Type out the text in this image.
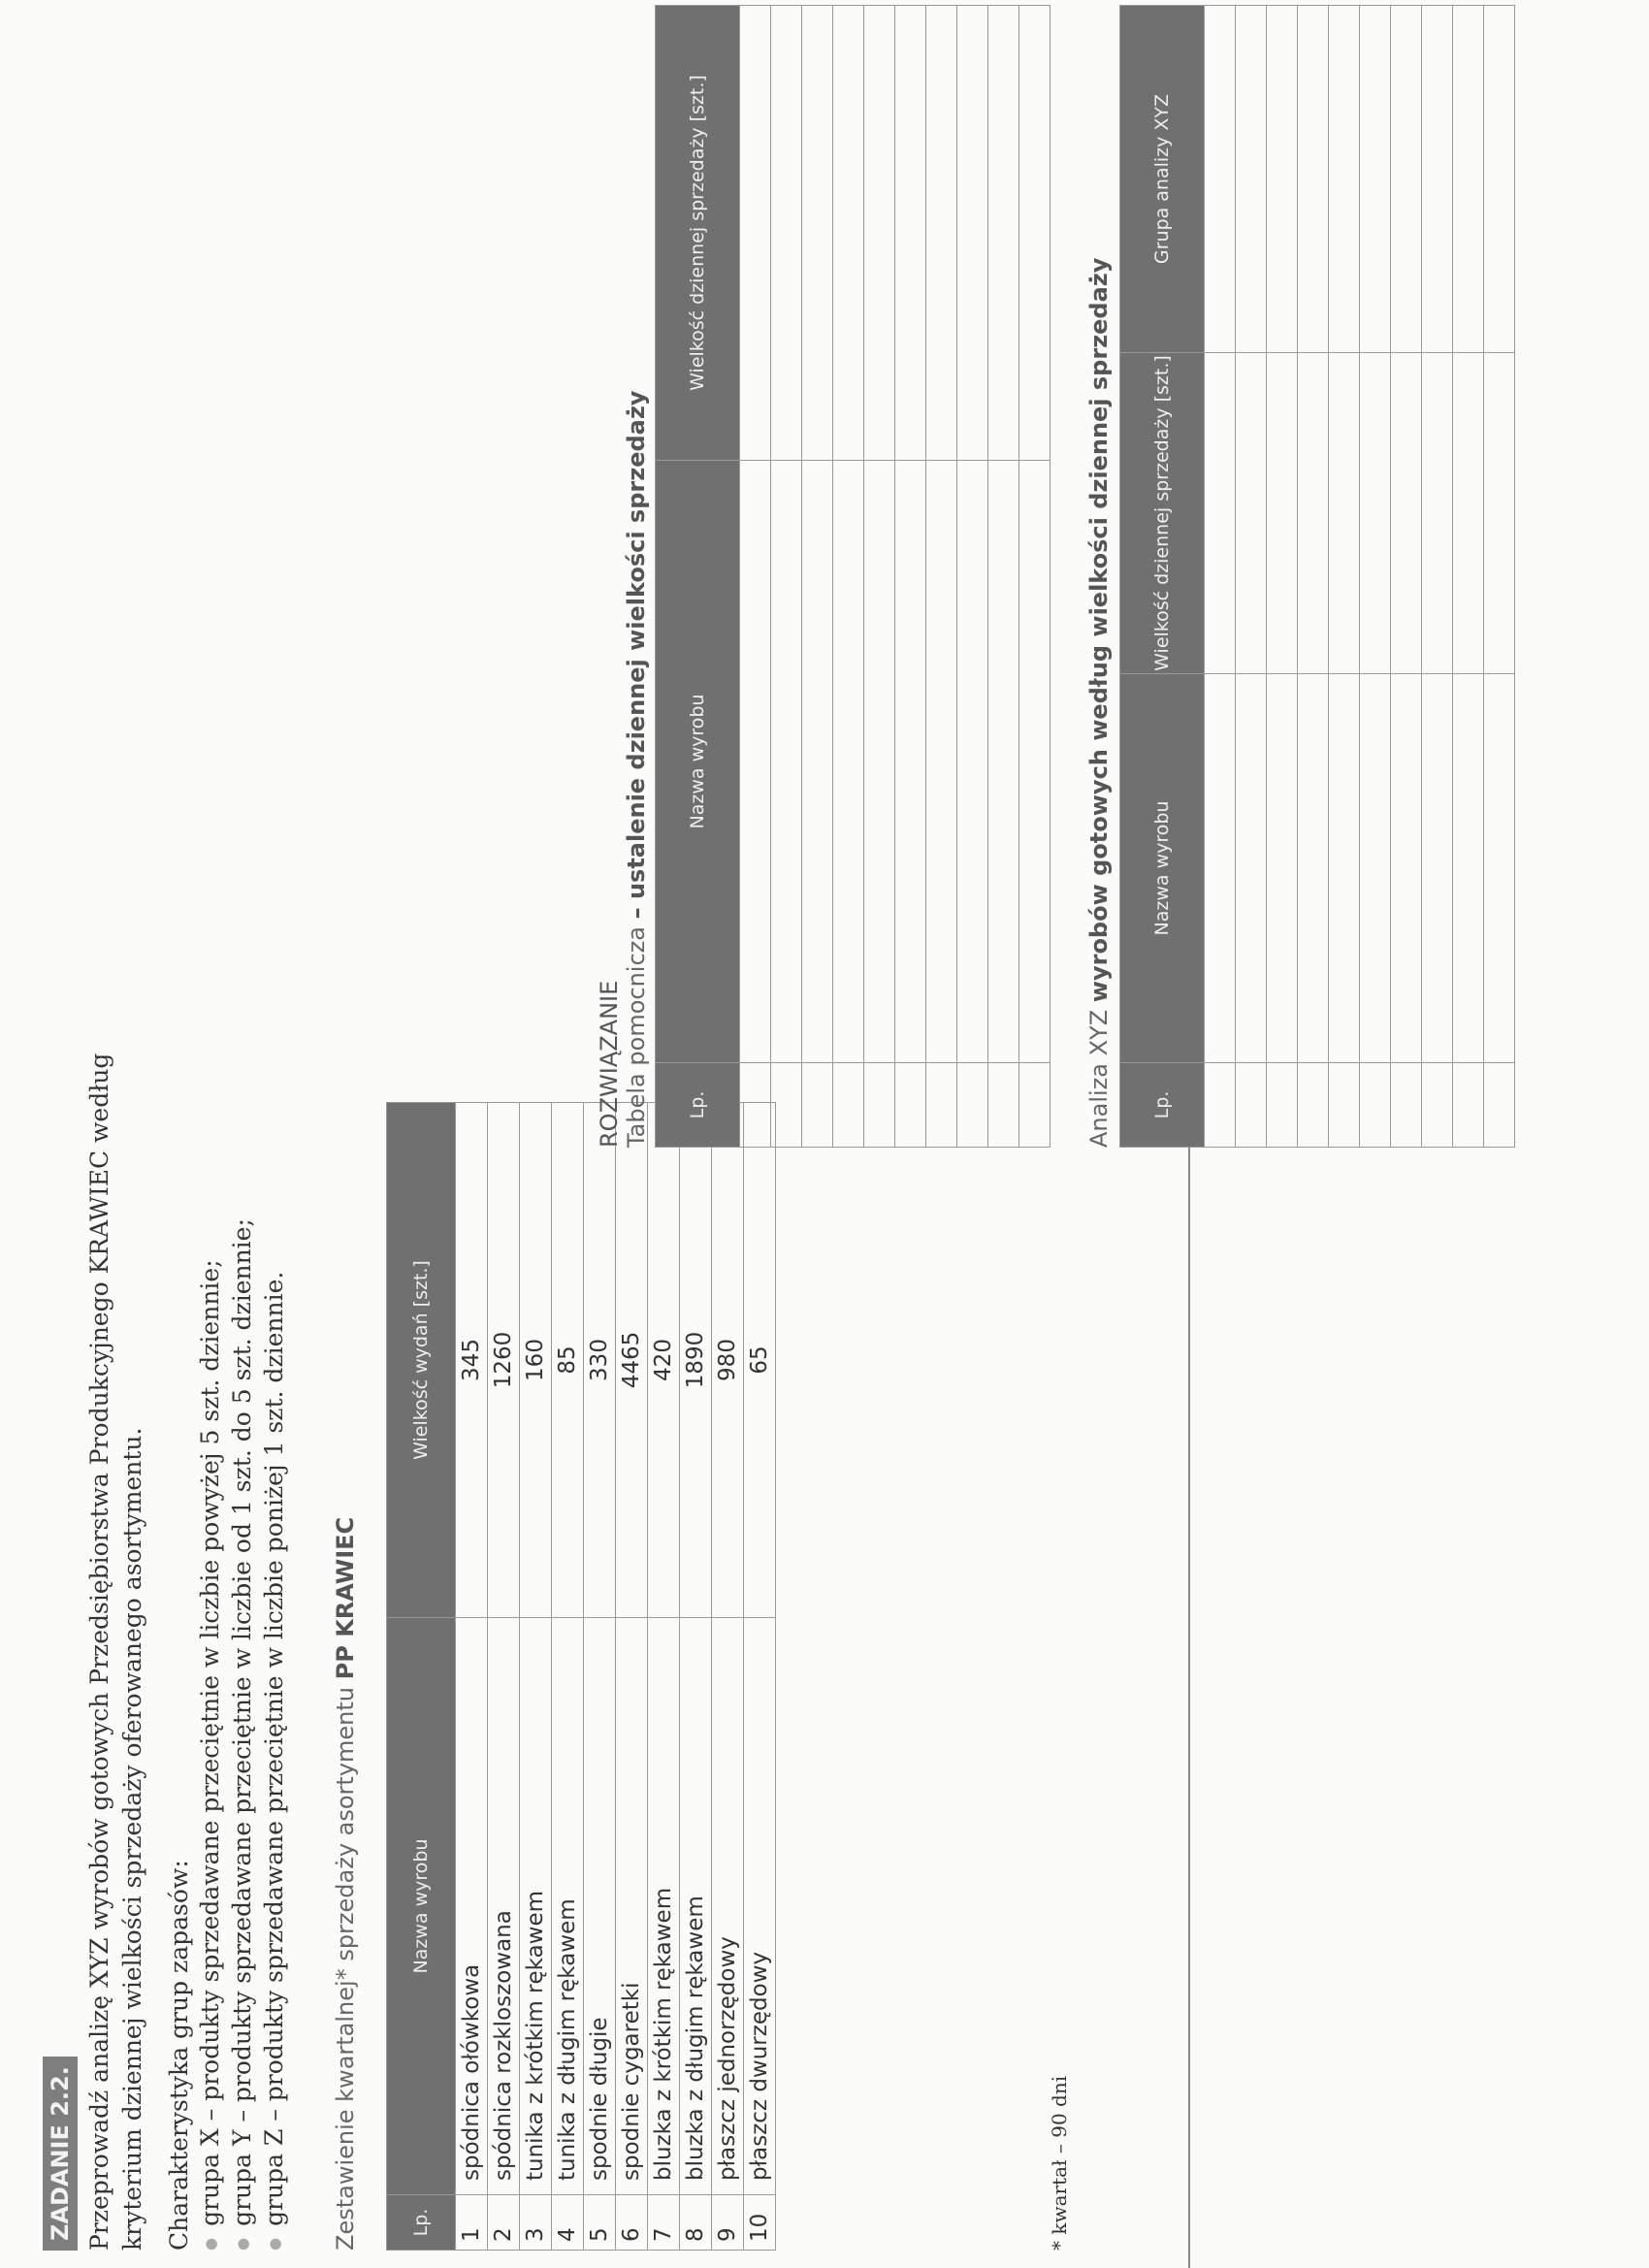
ZADANIE 2.2. Przeprowadź analizę XYZ wyrobów gotowych Przedsiębiorstwa Produkcyjnego KRAWIEC według kryterium dziennej wielkości sprzedaży oferowanego asortymentu. Charakterystyka grup zapasów: ● grupa X – produkty sprzedawane przeciętnie w liczbie powyżej 5 szt. dziennie; ● grupa Y – produkty sprzedawane przeciętnie w liczbie od 1 szt. do 5 szt. dziennie; ● grupa Z – produkty sprzedawane przeciętnie w liczbie poniżej 1 szt. dziennie. Zestawienie kwartalnej* sprzedaży asortymentu PP KRAWIEC
Lp.	Nazwa wyrobu	Wielkość wydań [szt.]
1	spódnica ołówkowa	345
2	spódnica rozkloszowana	1260
3	tunika z krótkim rękawem	160
4	tunika z długim rękawem	85
5	spodnie długie	330
6	spodnie cygaretki	4465
7	bluzka z krótkim rękawem	420
8	bluzka z długim rękawem	1890
9	płaszcz jednorzędowy	980
10	płaszcz dwurzędowy	65
* kwartał – 90 dni
ROZWIĄZANIE Tabela pomocnicza – ustalenie dziennej wielkości sprzedaży
Lp.	Nazwa wyrobu	Wielkość dziennej sprzedaży [szt.]

Analiza XYZ wyrobów gotowych według wielkości dziennej sprzedaży
Lp.	Nazwa wyrobu	Wielkość dziennej sprzedaży [szt.]	Grupa analizy XYZ
